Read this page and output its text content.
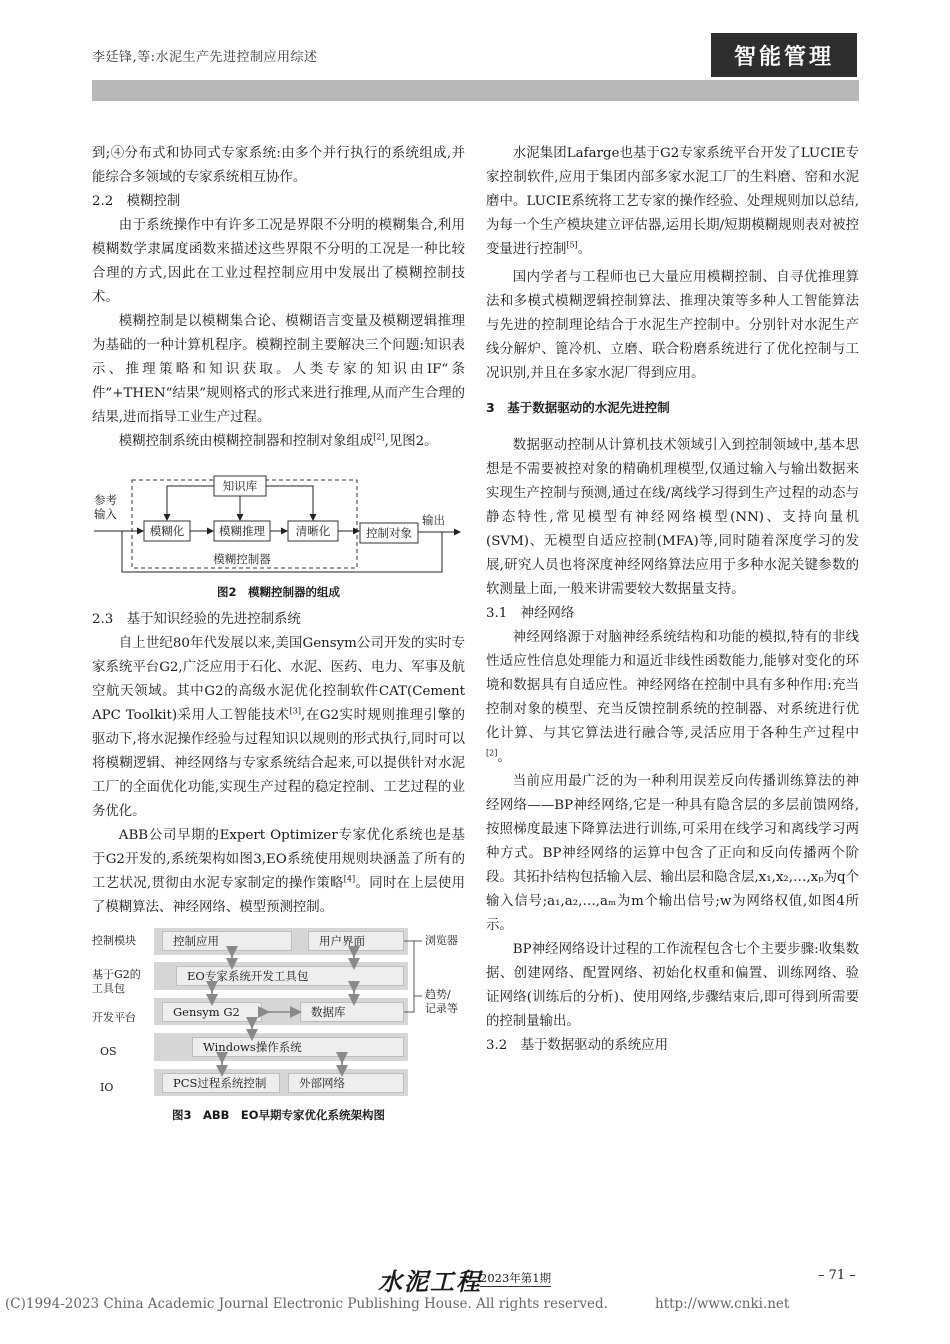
李廷锋,等:水泥生产先进控制应用综述	智能管理

到;④分布式和协同式专家系统:由多个并行执行的系统组成,并能综合多领域的专家系统相互协作。

2.2　模糊控制

由于系统操作中有许多工况是界限不分明的模糊集合,利用模糊数学隶属度函数来描述这些界限不分明的工况是一种比较合理的方式,因此在工业过程控制应用中发展出了模糊控制技术。

模糊控制是以模糊集合论、模糊语言变量及模糊逻辑推理为基础的一种计算机程序。模糊控制主要解决三个问题:知识表示、推理策略和知识获取。人类专家的知识由IF“条件”+THEN“结果”规则格式的形式来进行推理,从而产生合理的结果,进而指导工业生产过程。

模糊控制系统由模糊控制器和控制对象组成[2],见图2。

知识库
模糊化	模糊推理	清晰化	控制对象
参考
输入	输出
模糊控制器
图2　模糊控制器的组成

2.3　基于知识经验的先进控制系统

自上世纪80年代发展以来,美国Gensym公司开发的实时专家系统平台G2,广泛应用于石化、水泥、医药、电力、军事及航空航天领域。其中G2的高级水泥优化控制软件CAT(Cement APC Toolkit)采用人工智能技术[3],在G2实时规则推理引擎的驱动下,将水泥操作经验与过程知识以规则的形式执行,同时可以将模糊逻辑、神经网络与专家系统结合起来,可以提供针对水泥工厂的全面优化功能,实现生产过程的稳定控制、工艺过程的业务优化。

ABB公司早期的Expert Optimizer专家优化系统也是基于G2开发的,系统架构如图3,EO系统使用规则块涵盖了所有的工艺状况,贯彻由水泥专家制定的操作策略[4]。同时在上层使用了模糊算法、神经网络、模型预测控制。

控制模块
基于G2的
工具包
开发平台
OS
IO
控制应用	用户界面
EO专家系统开发工具包
Gensym G2	数据库
Windows操作系统
PCS过程系统控制	外部网络
浏览器
趋势/
记录等
图3　ABB　EO早期专家优化系统架构图

水泥集团Lafarge也基于G2专家系统平台开发了LUCIE专家控制软件,应用于集团内部多家水泥工厂的生料磨、窑和水泥磨中。LUCIE系统将工艺专家的操作经验、处理规则加以总结,为每一个生产模块建立评估器,运用长期/短期模糊规则表对被控变量进行控制[5]。

国内学者与工程师也已大量应用模糊控制、自寻优推理算法和多模式模糊逻辑控制算法、推理决策等多种人工智能算法与先进的控制理论结合于水泥生产控制中。分别针对水泥生产线分解炉、篦冷机、立磨、联合粉磨系统进行了优化控制与工况识别,并且在多家水泥厂得到应用。

3　基于数据驱动的水泥先进控制

数据驱动控制从计算机技术领域引入到控制领域中,基本思想是不需要被控对象的精确机理模型,仅通过输入与输出数据来实现生产控制与预测,通过在线/离线学习得到生产过程的动态与静态特性,常见模型有神经网络模型(NN)、支持向量机(SVM)、无模型自适应控制(MFA)等,同时随着深度学习的发展,研究人员也将深度神经网络算法应用于多种水泥关键参数的软测量上面,一般来讲需要较大数据量支持。

3.1　神经网络

神经网络源于对脑神经系统结构和功能的模拟,特有的非线性适应性信息处理能力和逼近非线性函数能力,能够对变化的环境和数据具有自适应性。神经网络在控制中具有多种作用:充当控制对象的模型、充当反馈控制系统的控制器、对系统进行优化计算、与其它算法进行融合等,灵活应用于各种生产过程中[2]。

当前应用最广泛的为一种利用误差反向传播训练算法的神经网络——BP神经网络,它是一种具有隐含层的多层前馈网络,按照梯度最速下降算法进行训练,可采用在线学习和离线学习两种方式。BP神经网络的运算中包含了正向和反向传播两个阶段。其拓扑结构包括输入层、输出层和隐含层,x₁,x₂,…,xₚ为q个输入信号;a₁,a₂,…,aₘ为m个输出信号;w为网络权值,如图4所示。

BP神经网络设计过程的工作流程包含七个主要步骤:收集数据、创建网络、配置网络、初始化权重和偏置、训练网络、验证网络(训练后的分析)、使用网络,步骤结束后,即可得到所需要的控制量输出。

3.2　基于数据驱动的系统应用

水泥工程
2023年第1期	– 71 –
(C)1994-2023 China Academic Journal Electronic Publishing House. All rights reserved.	http://www.cnki.net
